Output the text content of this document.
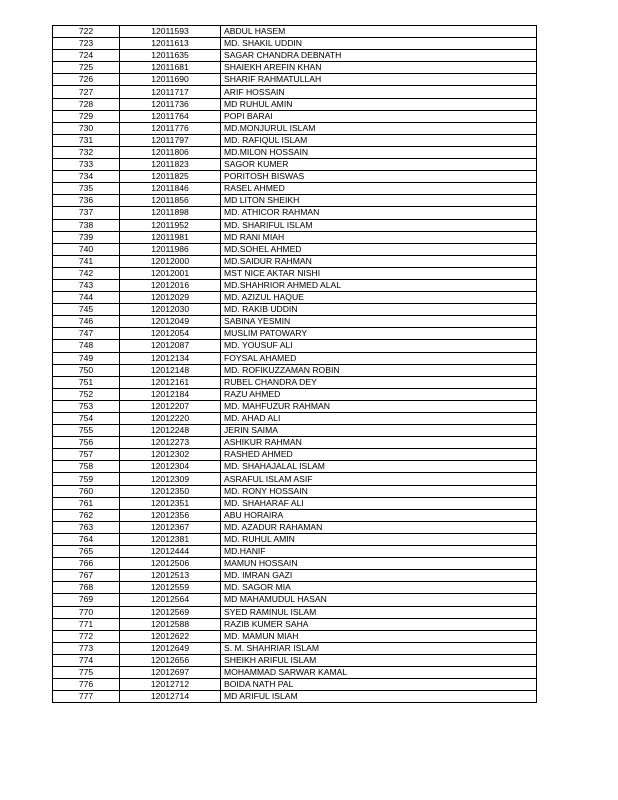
722	12011593	ABDUL HASEM
723	12011613	MD. SHAKIL UDDIN
724	12011635	SAGAR CHANDRA DEBNATH
725	12011681	SHAIEKH AREFIN KHAN
726	12011690	SHARIF RAHMATULLAH
727	12011717	ARIF HOSSAIN
728	12011736	MD RUHUL AMIN
729	12011764	POPI BARAI
730	12011776	MD.MONJURUL ISLAM
731	12011797	MD. RAFIQUL ISLAM
732	12011806	MD.MILON HOSSAIN
733	12011823	SAGOR KUMER
734	12011825	PORITOSH BISWAS
735	12011846	RASEL AHMED
736	12011856	MD LITON SHEIKH
737	12011898	MD. ATHICOR RAHMAN
738	12011952	MD. SHARIFUL ISLAM
739	12011981	MD RANI MIAH
740	12011986	MD.SOHEL AHMED
741	12012000	MD.SAIDUR RAHMAN
742	12012001	MST NICE AKTAR NISHI
743	12012016	MD.SHAHRIOR AHMED ALAL
744	12012029	MD. AZIZUL HAQUE
745	12012030	MD. RAKIB UDDIN
746	12012049	SABINA YESMIN
747	12012054	MUSLIM PATOWARY
748	12012087	MD. YOUSUF ALI
749	12012134	FOYSAL AHAMED
750	12012148	MD. ROFIKUZZAMAN ROBIN
751	12012161	RUBEL CHANDRA DEY
752	12012184	RAZU AHMED
753	12012207	MD. MAHFUZUR RAHMAN
754	12012220	MD. AHAD ALI
755	12012248	JERIN SAIMA
756	12012273	ASHIKUR RAHMAN
757	12012302	RASHED AHMED
758	12012304	MD. SHAHAJALAL ISLAM
759	12012309	ASRAFUL ISLAM ASIF
760	12012350	MD. RONY HOSSAIN
761	12012351	MD. SHAHARAF ALI
762	12012356	ABU HORAIRA
763	12012367	MD. AZADUR RAHAMAN
764	12012381	MD. RUHUL AMIN
765	12012444	MD.HANIF
766	12012506	MAMUN HOSSAIN
767	12012513	MD. IMRAN GAZI
768	12012559	MD. SAGOR MIA
769	12012564	MD MAHAMUDUL HASAN
770	12012569	SYED RAMINUL ISLAM
771	12012588	RAZIB KUMER SAHA
772	12012622	MD. MAMUN MIAH
773	12012649	S. M. SHAHRIAR ISLAM
774	12012656	SHEIKH ARIFUL ISLAM
775	12012697	MOHAMMAD SARWAR KAMAL
776	12012712	BOIDA NATH PAL
777	12012714	MD ARIFUL ISLAM
